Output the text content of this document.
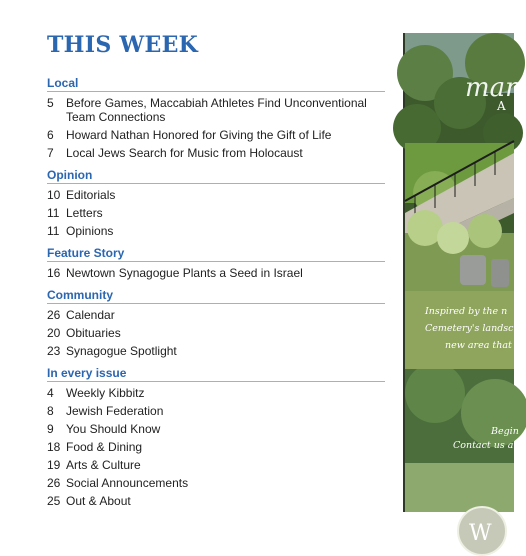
THIS WEEK
Local
5	Before Games, Maccabiah Athletes Find Unconventional Team Connections
6	Howard Nathan Honored for Giving the Gift of Life
7	Local Jews Search for Music from Holocaust
Opinion
10 Editorials
11 Letters
11 Opinions
Feature Story
16 Newtown Synagogue Plants a Seed in Israel
Community
26 Calendar
20 Obituaries
23 Synagogue Spotlight
In every issue
4	Weekly Kibbitz
8	Jewish Federation
9	You Should Know
18 Food & Dining
19 Arts & Culture
26 Social Announcements
25 Out & About
man
A

Inspired by the n

Cemetery's landsc

new area that r

Begin
Contact us at 6
W
